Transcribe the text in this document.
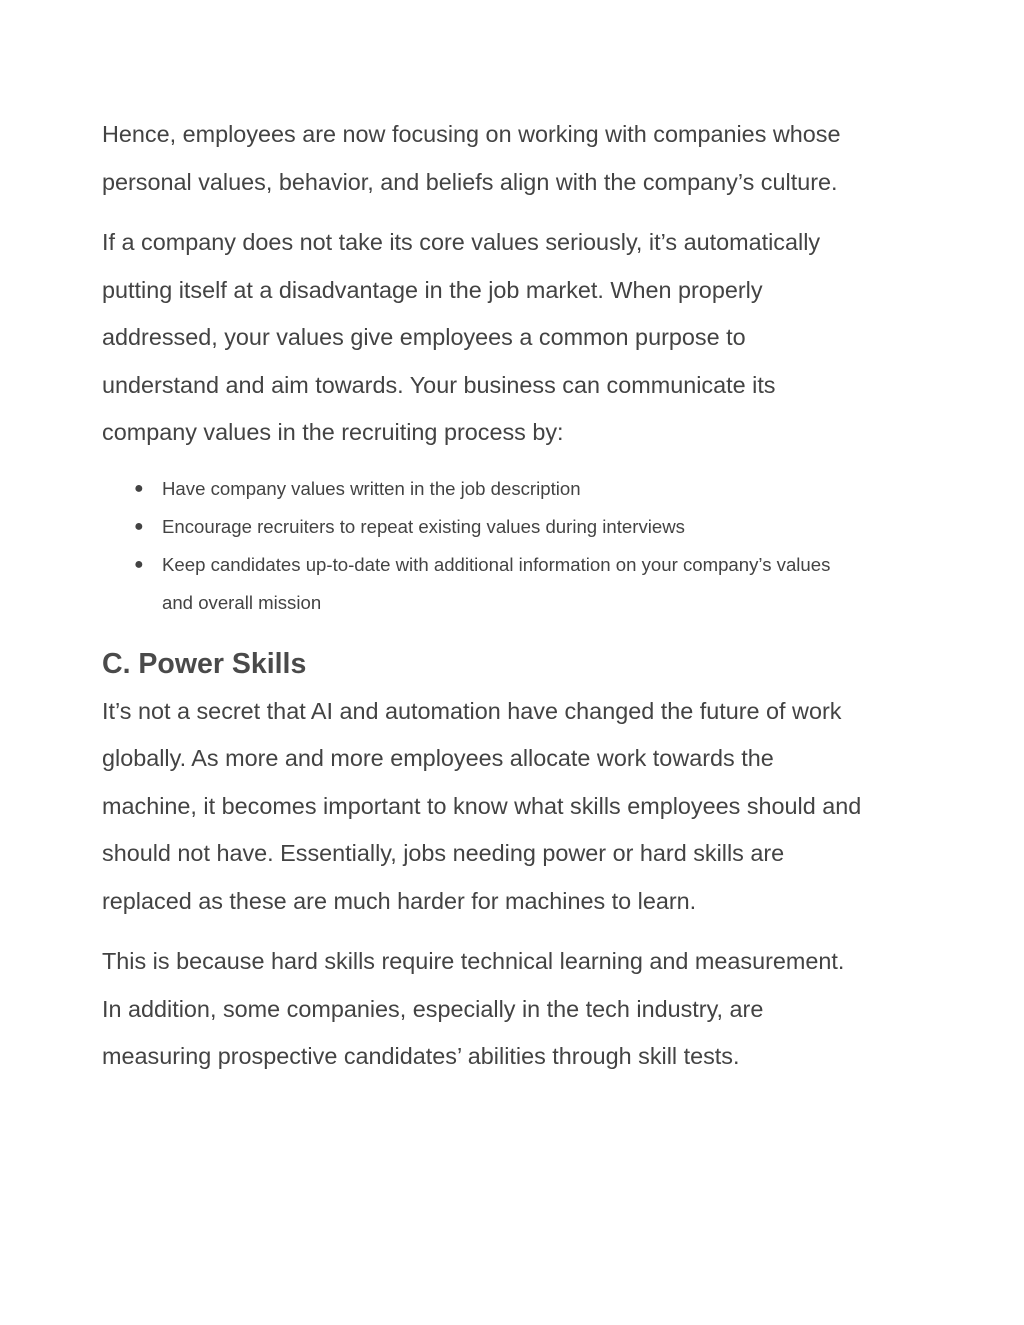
Hence, employees are now focusing on working with companies whose
personal values, behavior, and beliefs align with the company’s culture.

If a company does not take its core values seriously, it’s automatically
putting itself at a disadvantage in the job market. When properly
addressed, your values give employees a common purpose to
understand and aim towards. Your business can communicate its
company values in the recruiting process by:

● Have company values written in the job description
● Encourage recruiters to repeat existing values during interviews
● Keep candidates up-to-date with additional information on your company’s values
and overall mission
C. Power Skills

It’s not a secret that AI and automation have changed the future of work
globally. As more and more employees allocate work towards the
machine, it becomes important to know what skills employees should and
should not have. Essentially, jobs needing power or hard skills are
replaced as these are much harder for machines to learn.

This is because hard skills require technical learning and measurement.
In addition, some companies, especially in the tech industry, are
measuring prospective candidates’ abilities through skill tests.
